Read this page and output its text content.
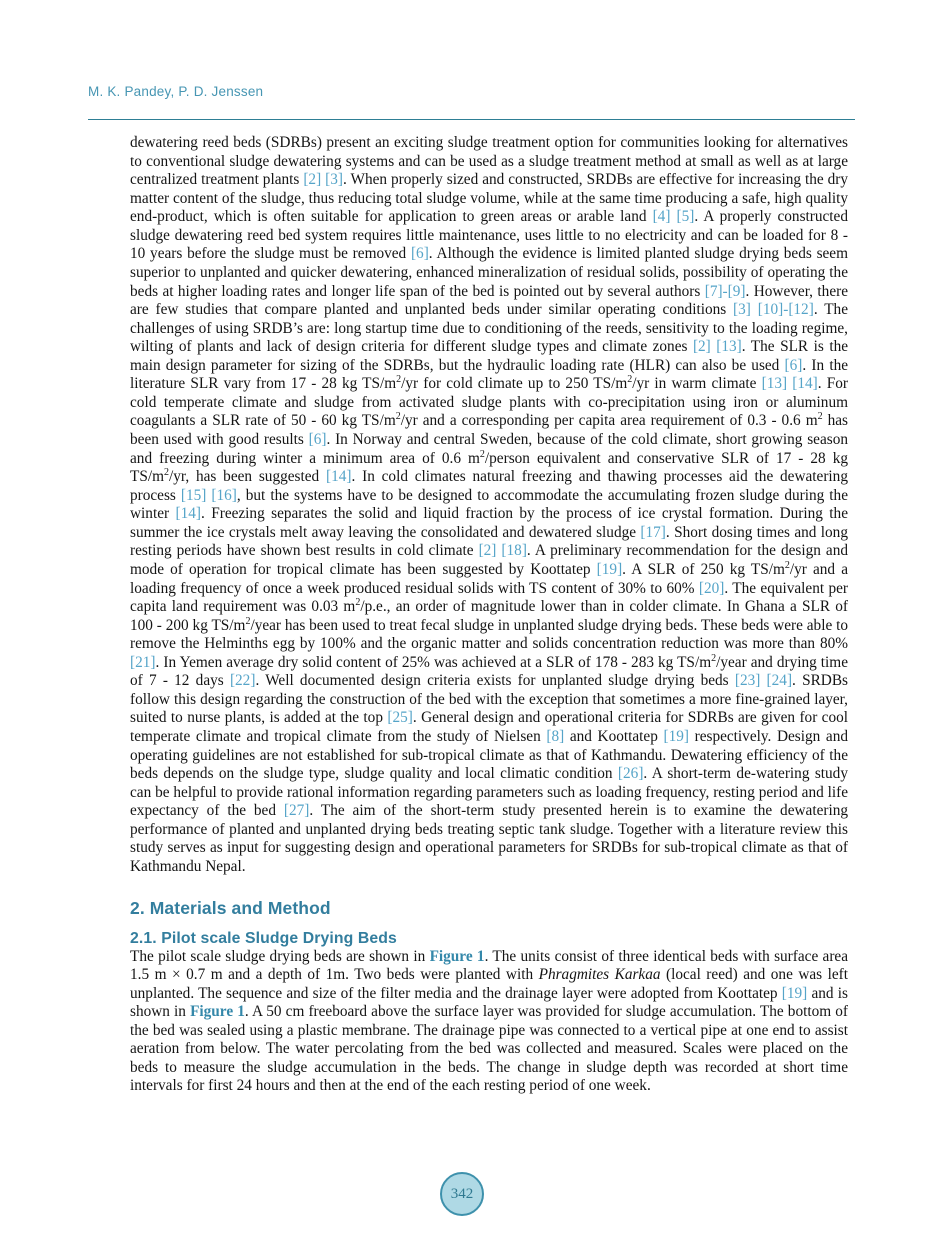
M. K. Pandey, P. D. Jenssen

dewatering reed beds (SDRBs) present an exciting sludge treatment option for communities looking for alternatives to conventional sludge dewatering systems and can be used as a sludge treatment method at small as well as at large centralized treatment plants [2] [3]. When properly sized and constructed, SRDBs are effective for increasing the dry matter content of the sludge, thus reducing total sludge volume, while at the same time producing a safe, high quality end-product, which is often suitable for application to green areas or arable land [4] [5]. A properly constructed sludge dewatering reed bed system requires little maintenance, uses little to no electricity and can be loaded for 8 - 10 years before the sludge must be removed [6]. Although the evidence is limited planted sludge drying beds seem superior to unplanted and quicker dewatering, enhanced mineralization of residual solids, possibility of operating the beds at higher loading rates and longer life span of the bed is pointed out by several authors [7]-[9]. However, there are few studies that compare planted and unplanted beds under similar operating conditions [3] [10]-[12]. The challenges of using SRDB’s are: long startup time due to conditioning of the reeds, sensitivity to the loading regime, wilting of plants and lack of design criteria for different sludge types and climate zones [2] [13]. The SLR is the main design parameter for sizing of the SDRBs, but the hydraulic loading rate (HLR) can also be used [6]. In the literature SLR vary from 17 - 28 kg $TS/m^2/yr$ for cold climate up to 250 $TS/m^2/yr$ in warm climate [13] [14]. For cold temperate climate and sludge from activated sludge plants with co-precipitation using iron or aluminum coagulants a SLR rate of 50 - 60 kg $TS/m^2/yr$ and a corresponding per capita area requirement of 0.3 - 0.6 $m^2$ has been used with good results [6]. In Norway and central Sweden, because of the cold climate, short growing season and freezing during winter a minimum area of 0.6 $m^2$/person equivalent and conservative SLR of 17 - 28 kg $TS/m^2/yr$, has been suggested [14]. In cold climates natural freezing and thawing processes aid the dewatering process [15] [16], but the systems have to be designed to accommodate the accumulating frozen sludge during the winter [14]. Freezing separates the solid and liquid fraction by the process of ice crystal formation. During the summer the ice crystals melt away leaving the consolidated and dewatered sludge [17]. Short dosing times and long resting periods have shown best results in cold climate [2] [18]. A preliminary recommendation for the design and mode of operation for tropical climate has been suggested by Koottatep [19]. A SLR of 250 kg $TS/m^2/yr$ and a loading frequency of once a week produced residual solids with TS content of 30% to 60% [20]. The equivalent per capita land requirement was 0.03 $m^2/p.e$., an order of magnitude lower than in colder climate. In Ghana a SLR of 100 - 200 kg $TS/m^2$/year has been used to treat fecal sludge in unplanted sludge drying beds. These beds were able to remove the Helminths egg by 100% and the organic matter and solids concentration reduction was more than 80% [21]. In Yemen average dry solid content of 25% was achieved at a SLR of 178 - 283 kg $TS/m^2$/year and drying time of 7 - 12 days [22]. Well documented design criteria exists for unplanted sludge drying beds [23] [24]. SRDBs follow this design regarding the construction of the bed with the exception that sometimes a more fine-grained layer, suited to nurse plants, is added at the top [25]. General design and operational criteria for SDRBs are given for cool temperate climate and tropical climate from the study of Nielsen [8] and Koottatep [19] respectively. Design and operating guidelines are not established for sub-tropical climate as that of Kathmandu. Dewatering efficiency of the beds depends on the sludge type, sludge quality and local climatic condition [26]. A short-term de-watering study can be helpful to provide rational information regarding parameters such as loading frequency, resting period and life expectancy of the bed [27]. The aim of the short-term study presented herein is to examine the dewatering performance of planted and unplanted drying beds treating septic tank sludge. Together with a literature review this study serves as input for suggesting design and operational parameters for SRDBs for sub-tropical climate as that of Kathmandu Nepal.

2. Materials and Method
2.1. Pilot scale Sludge Drying Beds

The pilot scale sludge drying beds are shown in Figure 1. The units consist of three identical beds with surface area 1.5 m × 0.7 m and a depth of 1m. Two beds were planted with Phragmites Karkaa (local reed) and one was left unplanted. The sequence and size of the filter media and the drainage layer were adopted from Koottatep [19] and is shown in Figure 1. A 50 cm freeboard above the surface layer was provided for sludge accumulation. The bottom of the bed was sealed using a plastic membrane. The drainage pipe was connected to a vertical pipe at one end to assist aeration from below. The water percolating from the bed was collected and measured. Scales were placed on the beds to measure the sludge accumulation in the beds. The change in sludge depth was recorded at short time intervals for first 24 hours and then at the end of the each resting period of one week.

342
